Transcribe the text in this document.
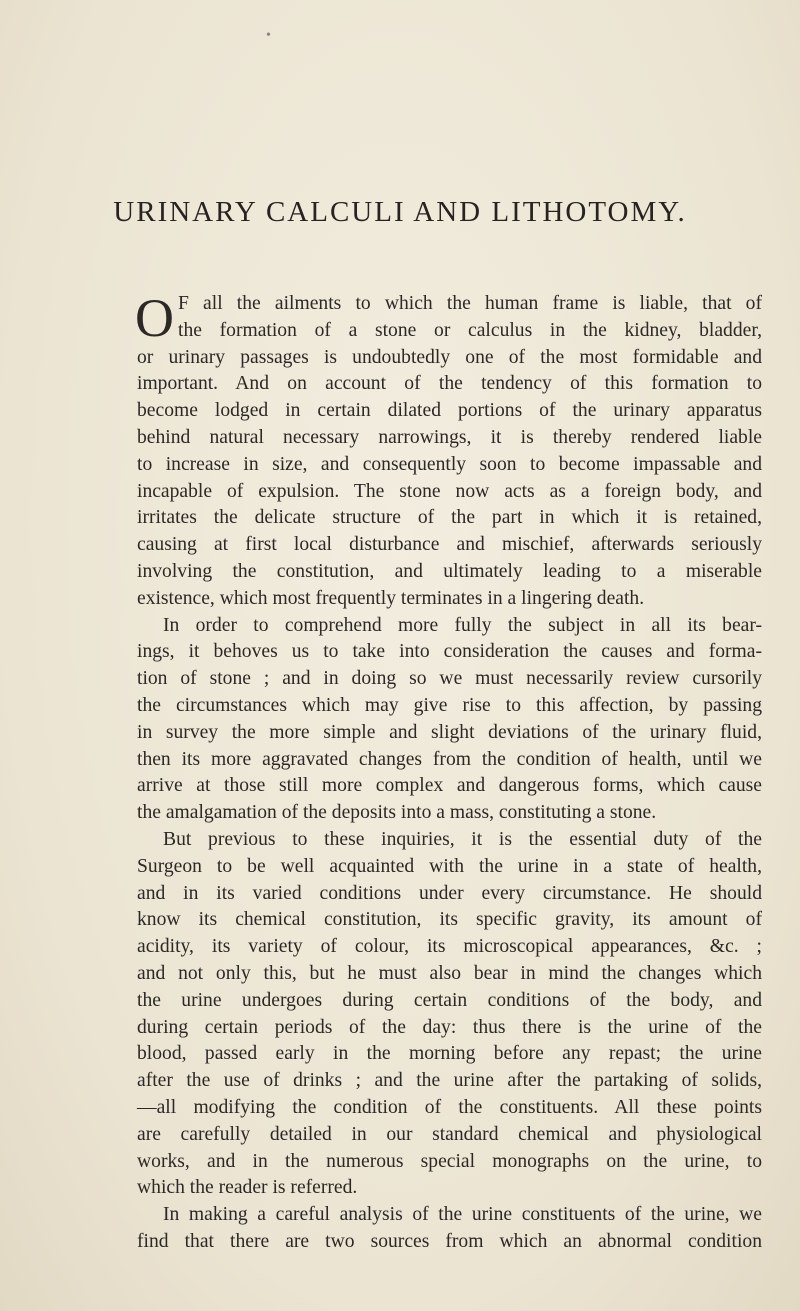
•
URINARY CALCULI AND LITHOTOMY.
O F all the ailments to which the human frame is liable, that of
the formation of a stone or calculus in the kidney, bladder,
or urinary passages is undoubtedly one of the most formidable and
important. And on account of the tendency of this formation to
become lodged in certain dilated portions of the urinary apparatus
behind natural necessary narrowings, it is thereby rendered liable
to increase in size, and consequently soon to become impassable and
incapable of expulsion. The stone now acts as a foreign body, and
irritates the delicate structure of the part in which it is retained,
causing at first local disturbance and mischief, afterwards seriously
involving the constitution, and ultimately leading to a miserable
existence, which most frequently terminates in a lingering death.
In order to comprehend more fully the subject in all its bear-
ings, it behoves us to take into consideration the causes and forma-
tion of stone ; and in doing so we must necessarily review cursorily
the circumstances which may give rise to this affection, by passing
in survey the more simple and slight deviations of the urinary fluid,
then its more aggravated changes from the condition of health, until we
arrive at those still more complex and dangerous forms, which cause
the amalgamation of the deposits into a mass, constituting a stone.
But previous to these inquiries, it is the essential duty of the
Surgeon to be well acquainted with the urine in a state of health,
and in its varied conditions under every circumstance. He should
know its chemical constitution, its specific gravity, its amount of
acidity, its variety of colour, its microscopical appearances, &c. ;
and not only this, but he must also bear in mind the changes which
the urine undergoes during certain conditions of the body, and
during certain periods of the day: thus there is the urine of the
blood, passed early in the morning before any repast; the urine
after the use of drinks ; and the urine after the partaking of solids,
—all modifying the condition of the constituents. All these points
are carefully detailed in our standard chemical and physiological
works, and in the numerous special monographs on the urine, to
which the reader is referred.
In making a careful analysis of the urine constituents of the urine, we
find that there are two sources from which an abnormal condition
